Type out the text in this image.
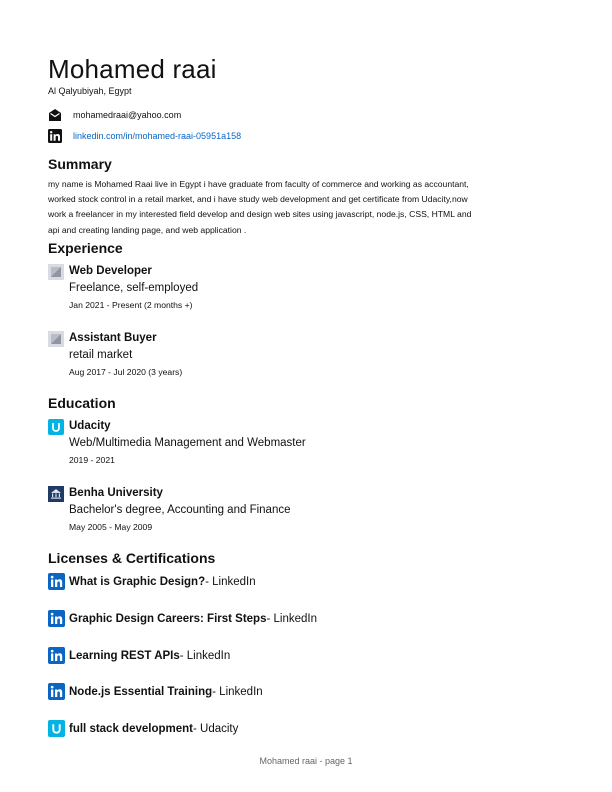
Mohamed raai
Al Qalyubiyah, Egypt
mohamedraai@yahoo.com
linkedin.com/in/mohamed-raai-05951a158
Summary
my name is Mohamed Raai live in Egypt i have graduate from faculty of commerce and working as accountant,
worked stock control in a retail market, and i have study web development and get certificate from Udacity,now
work a freelancer in my interested field develop and design web sites using javascript, node.js, CSS, HTML and
api and creating landing page, and web application .
Experience
Web Developer
Freelance, self-employed
Jan 2021 - Present (2 months +)
Assistant Buyer
retail market
Aug 2017 - Jul 2020 (3 years)
Education
Udacity
Web/Multimedia Management and Webmaster
2019 - 2021
Benha University
Bachelor's degree, Accounting and Finance
May 2005 - May 2009
Licenses & Certifications
What is Graphic Design? - LinkedIn
Graphic Design Careers: First Steps - LinkedIn
Learning REST APIs - LinkedIn
Node.js Essential Training - LinkedIn
full stack development - Udacity
Mohamed raai - page 1
